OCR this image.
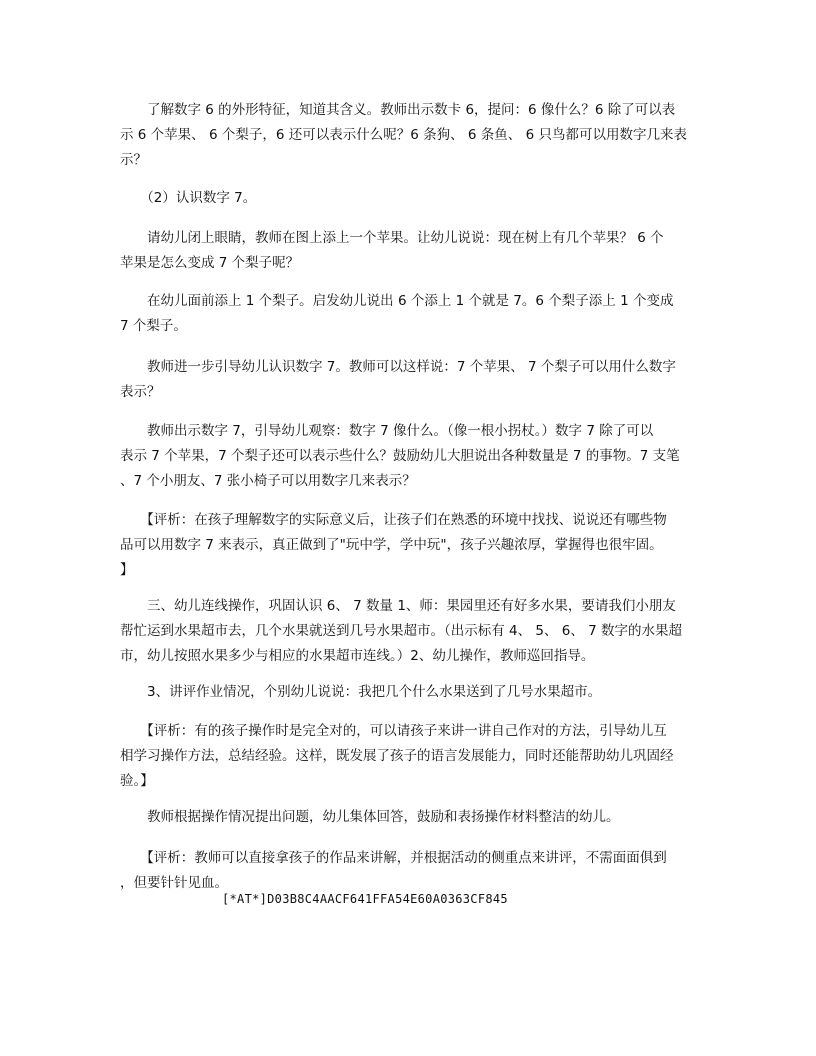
　　了解数字 6 的外形特征，知道其含义。教师出示数卡 6，提问：6 像什么？6 除了可以表
示 6 个苹果、 6 个梨子，6 还可以表示什么呢？6 条狗、 6 条鱼、 6 只鸟都可以用数字几来表
示？
　　（2）认识数字 7。
　　请幼儿闭上眼睛，教师在图上添上一个苹果。让幼儿说说：现在树上有几个苹果？ 6 个
苹果是怎么变成 7 个梨子呢？
　　在幼儿面前添上 1 个梨子。启发幼儿说出 6 个添上 1 个就是 7。6 个梨子添上 1 个变成
7 个梨子。
　　教师进一步引导幼儿认识数字 7。教师可以这样说：7 个苹果、 7 个梨子可以用什么数字
表示？
　　教师出示数字 7，引导幼儿观察：数字 7 像什么。（像一根小拐杖。）数字 7 除了可以
表示 7 个苹果，7 个梨子还可以表示些什么？鼓励幼儿大胆说出各种数量是 7 的事物。7 支笔
、7 个小朋友、7 张小椅子可以用数字几来表示？
　　【评析：在孩子理解数字的实际意义后，让孩子们在熟悉的环境中找找、说说还有哪些物
品可以用数字 7 来表示，真正做到了"玩中学，学中玩"，孩子兴趣浓厚，掌握得也很牢固。
】
　　三、幼儿连线操作，巩固认识 6、 7 数量 1、师：果园里还有好多水果，要请我们小朋友
帮忙运到水果超市去，几个水果就送到几号水果超市。（出示标有 4、 5、 6、 7 数字的水果超
市，幼儿按照水果多少与相应的水果超市连线。）2、幼儿操作，教师巡回指导。
　　3、讲评作业情况，个别幼儿说说：我把几个什么水果送到了几号水果超市。
　　【评析：有的孩子操作时是完全对的，可以请孩子来讲一讲自己作对的方法，引导幼儿互
相学习操作方法，总结经验。这样，既发展了孩子的语言发展能力，同时还能帮助幼儿巩固经
验。】
　　教师根据操作情况提出问题，幼儿集体回答，鼓励和表扬操作材料整洁的幼儿。
　　【评析：教师可以直接拿孩子的作品来讲解，并根据活动的侧重点来讲评，不需面面俱到
，但要针针见血。
[*AT*]D03B8C4AACF641FFA54E60A0363CF845
